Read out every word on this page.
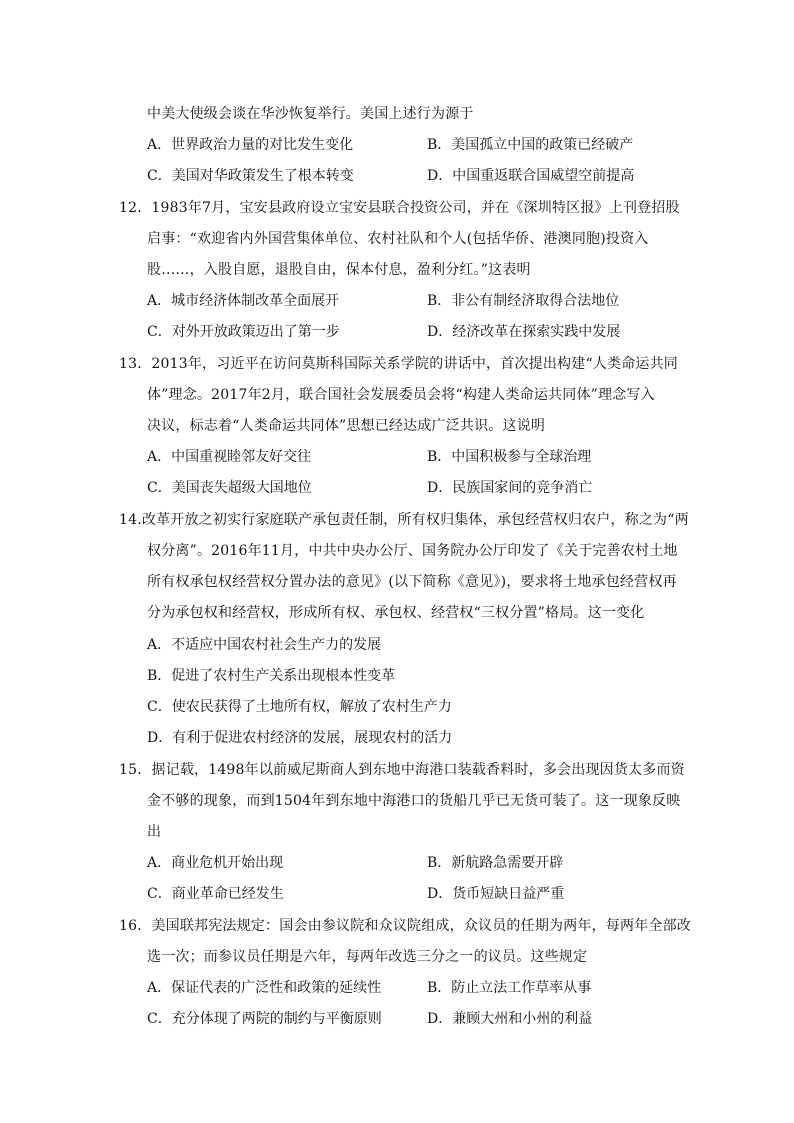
中美大使级会谈在华沙恢复举行。美国上述行为源于
A．世界政治力量的对比发生变化	B．美国孤立中国的政策已经破产
C．美国对华政策发生了根本转变	D．中国重返联合国威望空前提高
12．1983年7月，宝安县政府设立宝安县联合投资公司，并在《深圳特区报》上刊登招股
启事：“欢迎省内外国营集体单位、农村社队和个人(包括华侨、港澳同胞)投资入
股……，入股自愿，退股自由，保本付息，盈利分红。”这表明
A．城市经济体制改革全面展开	B．非公有制经济取得合法地位
C．对外开放政策迈出了第一步	D．经济改革在探索实践中发展
13．2013年，习近平在访问莫斯科国际关系学院的讲话中，首次提出构建“人类命运共同
体”理念。2017年2月，联合国社会发展委员会将“构建人类命运共同体”理念写入
决议，标志着“人类命运共同体”思想已经达成广泛共识。这说明
A．中国重视睦邻友好交往	B．中国积极参与全球治理
C．美国丧失超级大国地位	D．民族国家间的竞争消亡
14.改革开放之初实行家庭联产承包责任制，所有权归集体，承包经营权归农户，称之为“两
权分离”。2016年11月，中共中央办公厅、国务院办公厅印发了《关于完善农村土地
所有权承包权经营权分置办法的意见》(以下简称《意见》)，要求将土地承包经营权再
分为承包权和经营权，形成所有权、承包权、经营权“三权分置”格局。这一变化
A．不适应中国农村社会生产力的发展
B．促进了农村生产关系出现根本性变革
C．使农民获得了土地所有权，解放了农村生产力
D．有利于促进农村经济的发展，展现农村的活力
15．据记载，1498年以前威尼斯商人到东地中海港口装载香料时，多会出现因货太多而资
金不够的现象，而到1504年到东地中海港口的货船几乎已无货可装了。这一现象反映
出
A．商业危机开始出现	B．新航路急需要开辟
C．商业革命已经发生	D．货币短缺日益严重
16．美国联邦宪法规定：国会由参议院和众议院组成，众议员的任期为两年，每两年全部改
选一次；而参议员任期是六年，每两年改选三分之一的议员。这些规定
A．保证代表的广泛性和政策的延续性	B．防止立法工作草率从事
C．充分体现了两院的制约与平衡原则	D．兼顾大州和小州的利益
